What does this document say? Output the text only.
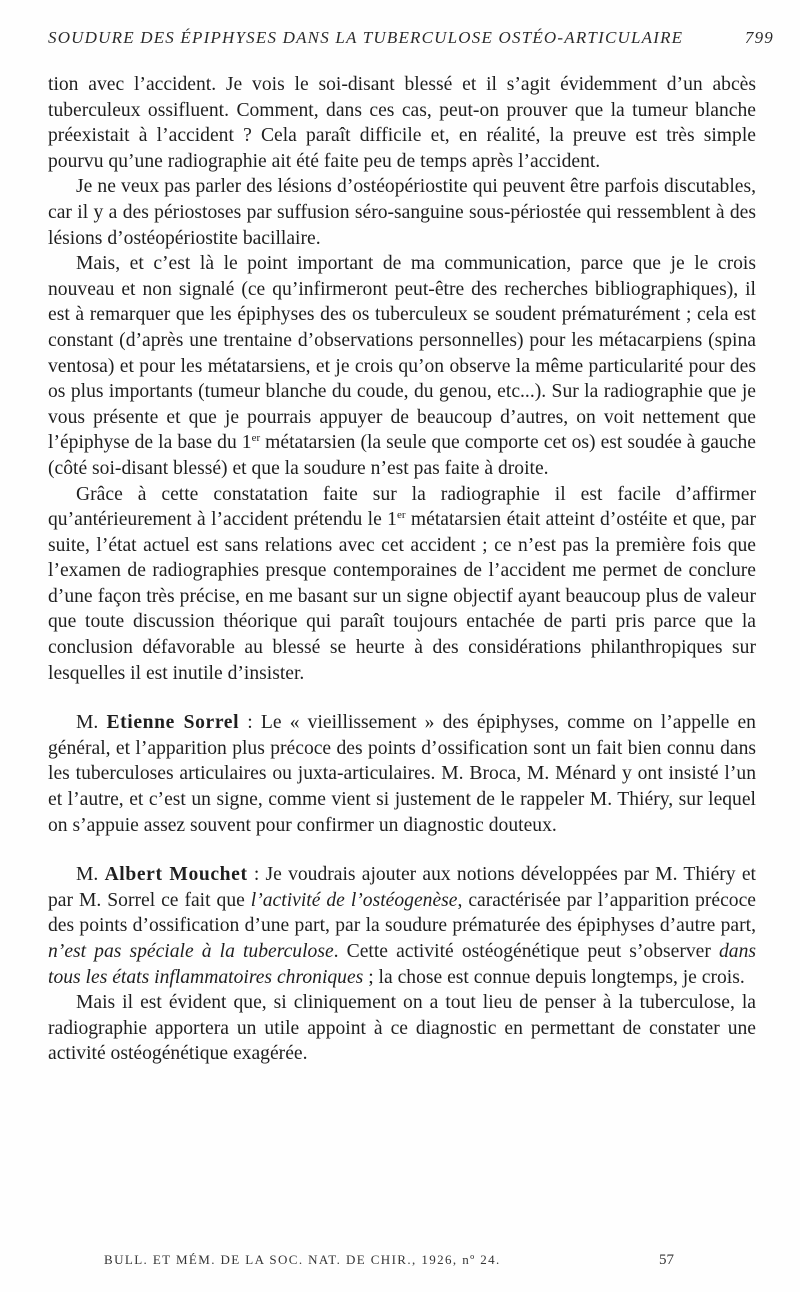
SOUDURE DES ÉPIPHYSES DANS LA TUBERCULOSE OSTÉO-ARTICULAIRE	799

tion avec l’accident. Je vois le soi-disant blessé et il s’agit évidemment d’un abcès tuberculeux ossifluent. Comment, dans ces cas, peut-on prouver que la tumeur blanche préexistait à l’accident ? Cela paraît difficile et, en réalité, la preuve est très simple pourvu qu’une radiographie ait été faite peu de temps après l’accident.

Je ne veux pas parler des lésions d’ostéopériostite qui peuvent être parfois discutables, car il y a des périostoses par suffusion séro-sanguine sous-périostée qui ressemblent à des lésions d’ostéopériostite bacillaire.

Mais, et c’est là le point important de ma communication, parce que je le crois nouveau et non signalé (ce qu’infirmeront peut-être des recherches bibliographiques), il est à remarquer que les épiphyses des os tuberculeux se soudent prématurément ; cela est constant (d’après une trentaine d’observations personnelles) pour les métacarpiens (spina ventosa) et pour les métatarsiens, et je crois qu’on observe la même particularité pour des os plus importants (tumeur blanche du coude, du genou, etc...). Sur la radiographie que je vous présente et que je pourrais appuyer de beaucoup d’autres, on voit nettement que l’épiphyse de la base du 1er métatarsien (la seule que comporte cet os) est soudée à gauche (côté soi-disant blessé) et que la soudure n’est pas faite à droite.

Grâce à cette constatation faite sur la radiographie il est facile d’affirmer qu’antérieurement à l’accident prétendu le 1er métatarsien était atteint d’ostéite et que, par suite, l’état actuel est sans relations avec cet accident ; ce n’est pas la première fois que l’examen de radiographies presque contemporaines de l’accident me permet de conclure d’une façon très précise, en me basant sur un signe objectif ayant beaucoup plus de valeur que toute discussion théorique qui paraît toujours entachée de parti pris parce que la conclusion défavorable au blessé se heurte à des considérations philanthropiques sur lesquelles il est inutile d’insister.

M. Etienne Sorrel : Le « vieillissement » des épiphyses, comme on l’appelle en général, et l’apparition plus précoce des points d’ossification sont un fait bien connu dans les tuberculoses articulaires ou juxta-articulaires. M. Broca, M. Ménard y ont insisté l’un et l’autre, et c’est un signe, comme vient si justement de le rappeler M. Thiéry, sur lequel on s’appuie assez souvent pour confirmer un diagnostic douteux.

M. Albert Mouchet : Je voudrais ajouter aux notions développées par M. Thiéry et par M. Sorrel ce fait que l’activité de l’ostéogenèse, caractérisée par l’apparition précoce des points d’ossification d’une part, par la soudure prématurée des épiphyses d’autre part, n’est pas spéciale à la tuberculose. Cette activité ostéogénétique peut s’observer dans tous les états inflammatoires chroniques ; la chose est connue depuis longtemps, je crois.

Mais il est évident que, si cliniquement on a tout lieu de penser à la tuberculose, la radiographie apportera un utile appoint à ce diagnostic en permettant de constater une activité ostéogénétique exagérée.

BULL. ET MÉM. DE LA SOC. NAT. DE CHIR., 1926, nº 24.	57
